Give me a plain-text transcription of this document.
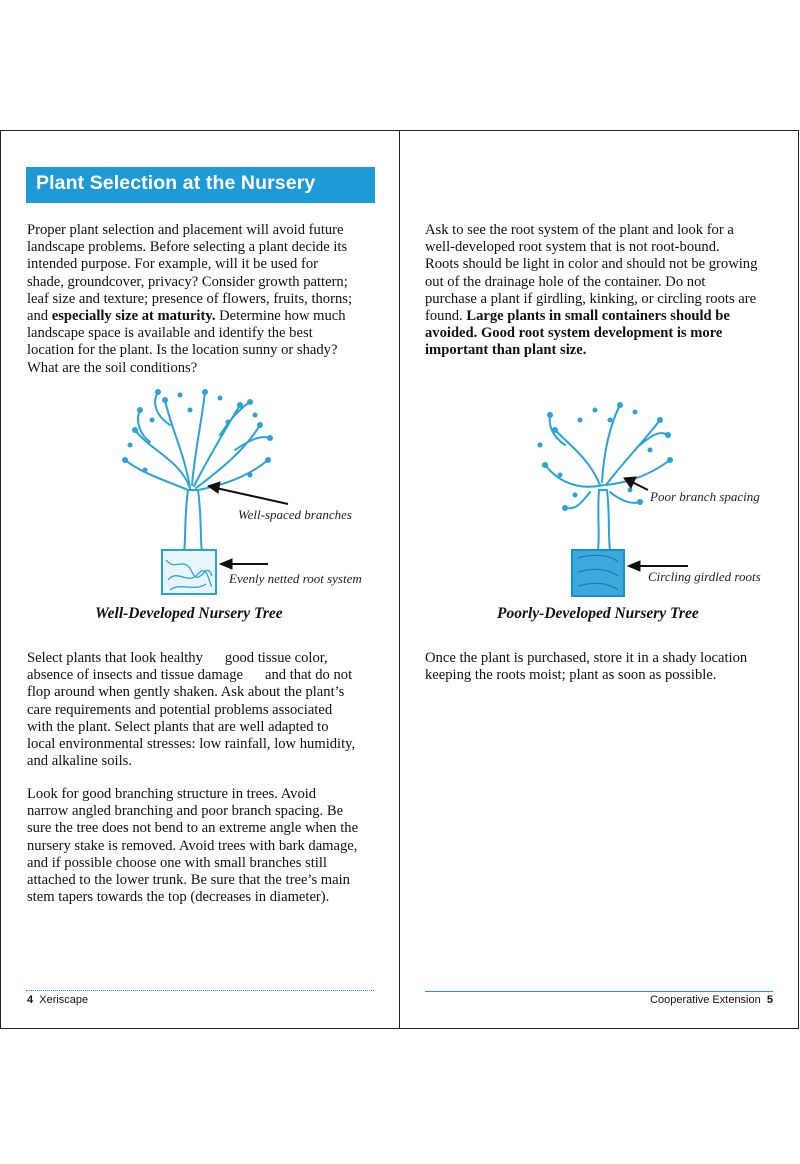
Plant Selection at the Nursery
Proper plant selection and placement will avoid future
landscape problems. Before selecting a plant decide its
intended purpose. For example, will it be used for
shade, groundcover, privacy? Consider growth pattern;
leaf size and texture; presence of flowers, fruits, thorns;
and especially size at maturity. Determine how much
landscape space is available and identify the best
location for the plant. Is the location sunny or shady?
What are the soil conditions?
Well-spaced branches
Evenly netted root system
Well-Developed Nursery Tree
Select plants that look healthy good tissue color,
absence of insects and tissue damage and that do not
flop around when gently shaken. Ask about the plant’s
care requirements and potential problems associated
with the plant. Select plants that are well adapted to
local environmental stresses: low rainfall, low humidity,
and alkaline soils.
Look for good branching structure in trees. Avoid
narrow angled branching and poor branch spacing. Be
sure the tree does not bend to an extreme angle when the
nursery stake is removed. Avoid trees with bark damage,
and if possible choose one with small branches still
attached to the lower trunk. Be sure that the tree’s main
stem tapers towards the top (decreases in diameter).
4 Xeriscape
Ask to see the root system of the plant and look for a
well-developed root system that is not root-bound.
Roots should be light in color and should not be growing
out of the drainage hole of the container. Do not
purchase a plant if girdling, kinking, or circling roots are
found. Large plants in small containers should be
avoided. Good root system development is more
important than plant size.
Poor branch spacing
Circling girdled roots
Poorly-Developed Nursery Tree
Once the plant is purchased, store it in a shady location
keeping the roots moist; plant as soon as possible.
Cooperative Extension 5
